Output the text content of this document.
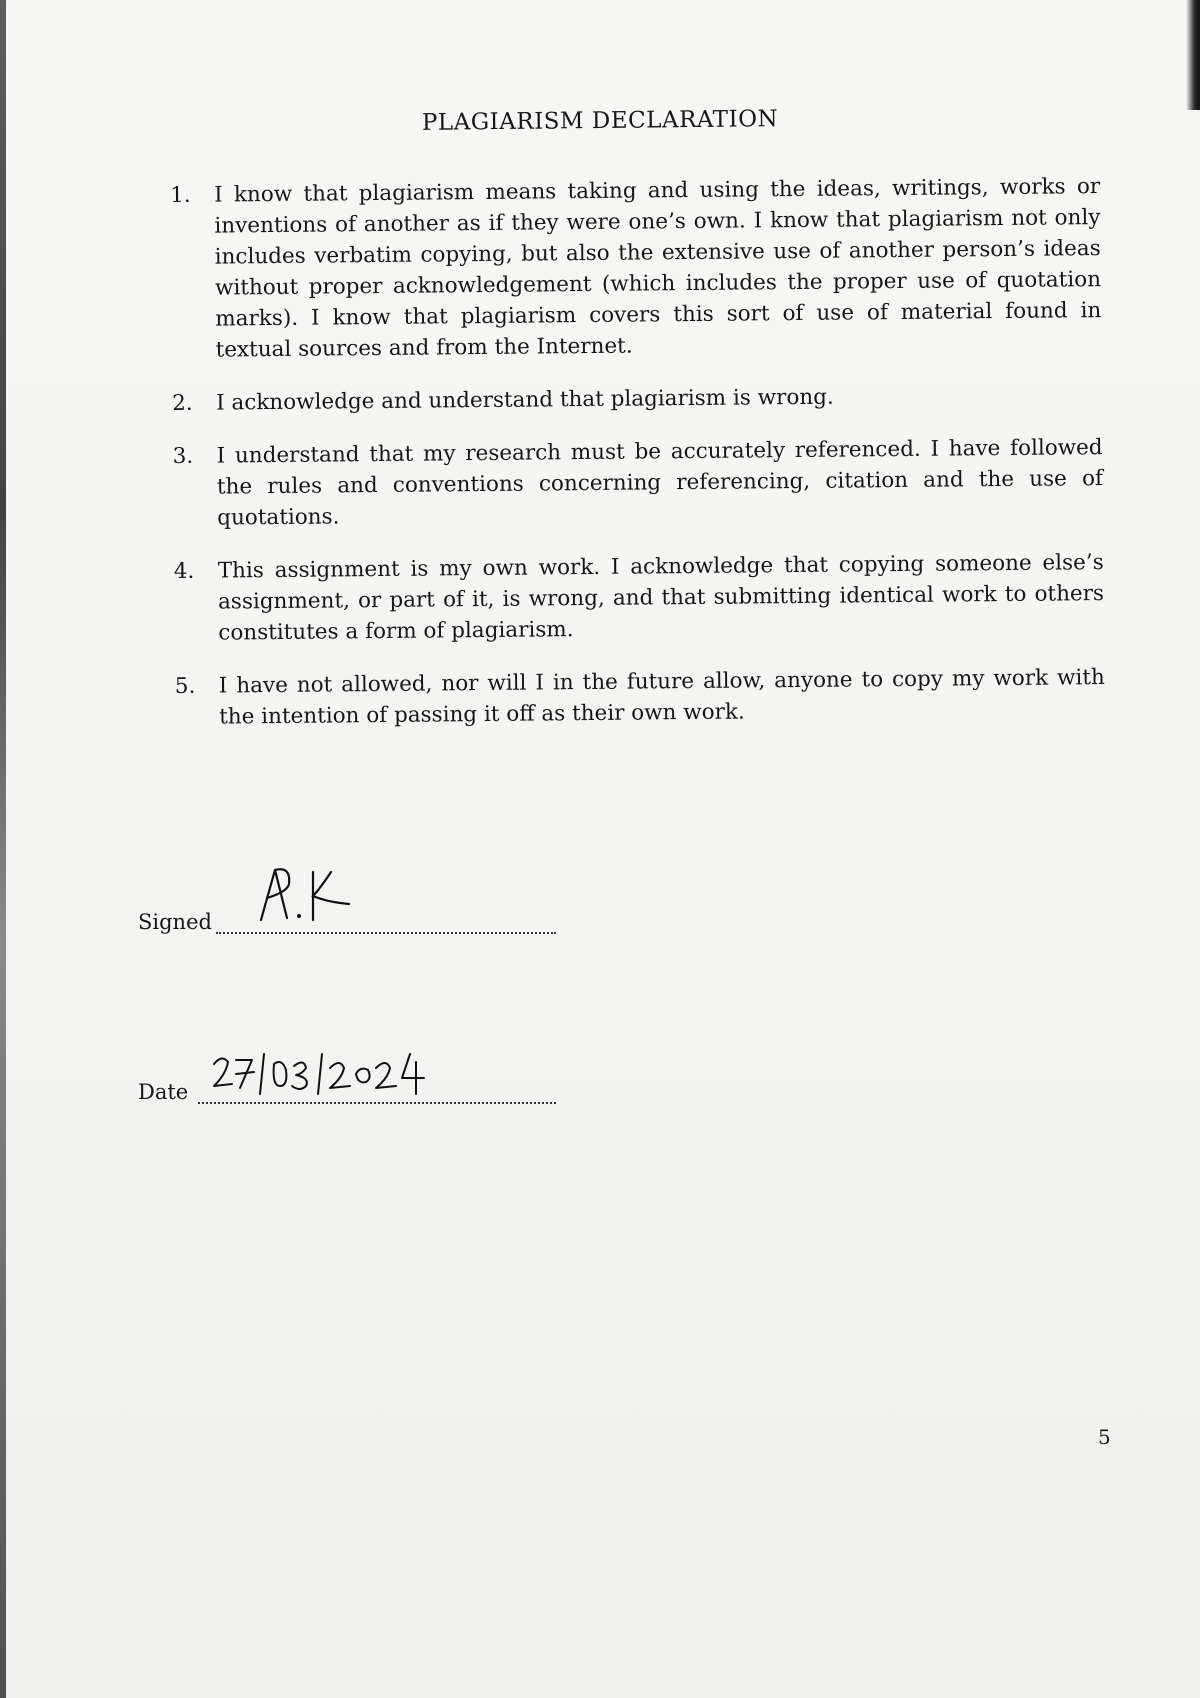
PLAGIARISM DECLARATION
1.	I know that plagiarism means taking and using the ideas, writings, works or inventions of another as if they were one’s own. I know that plagiarism not only includes verbatim copying, but also the extensive use of another person’s ideas without proper acknowledgement (which includes the proper use of quotation marks). I know that plagiarism covers this sort of use of material found in textual sources and from the Internet.
2.	I acknowledge and understand that plagiarism is wrong.
3.	I understand that my research must be accurately referenced. I have followed the rules and conventions concerning referencing, citation and the use of quotations.
4.	This assignment is my own work. I acknowledge that copying someone else’s assignment, or part of it, is wrong, and that submitting identical work to others constitutes a form of plagiarism.
5.	I have not allowed, nor will I in the future allow, anyone to copy my work with the intention of passing it off as their own work.
Signed
Date
5
